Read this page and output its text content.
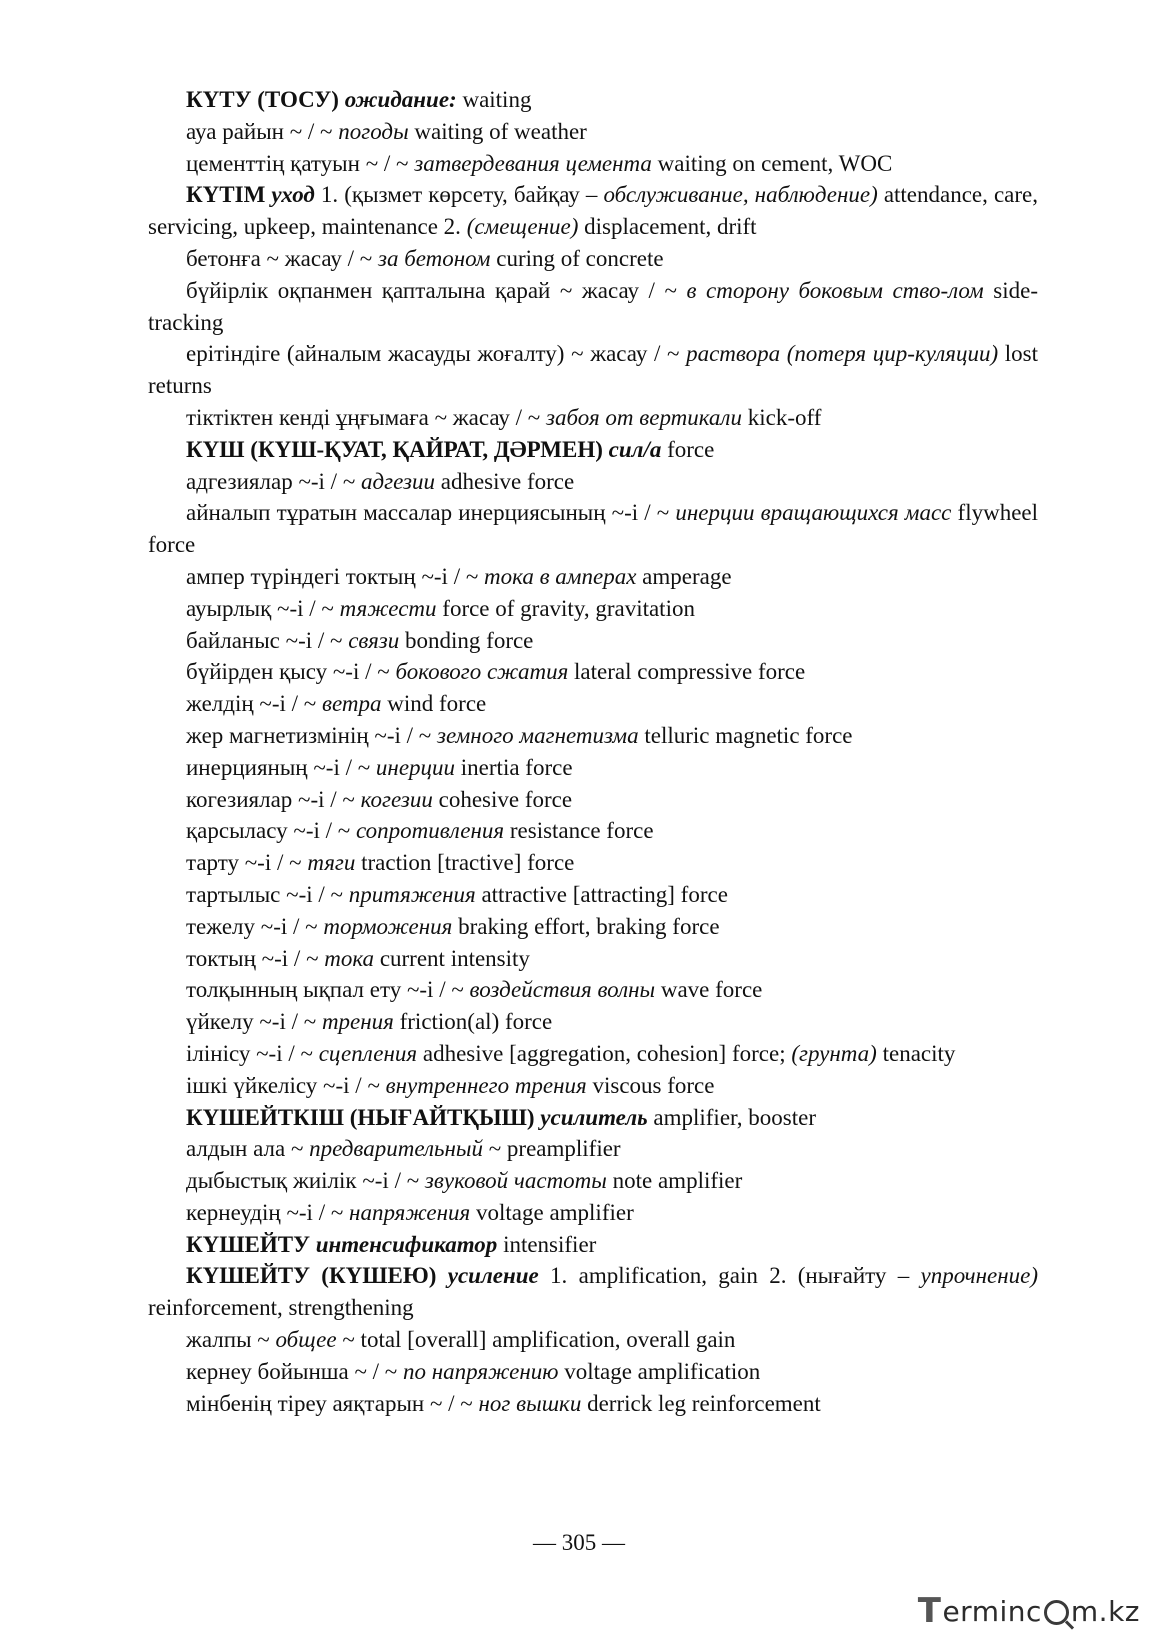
КҮТУ (ТОСУ) ожидание: waiting

ауа райын ~ / ~ погоды waiting of weather

цементтің қатуын ~ / ~ затвердевания цемента waiting on cement, WOC

КҮТІМ уход 1. (қызмет көрсету, байқау – обслуживание, наблюдение) attendance, care, servicing, upkeep, maintenance 2. (смещение) displacement, drift

бетонға ~ жасау / ~ за бетоном curing of concrete

бүйірлік оқпанмен қапталына қарай ~ жасау / ~ в сторону боковым ство-лом side-tracking

ерітіндіге (айналым жасауды жоғалту) ~ жасау / ~ раствора (потеря цир-куляции) lost returns

тіктіктен кенді ұңғымаға ~ жасау / ~ забоя от вертикали kick-off

КҮШ (КҮШ-ҚУАТ, ҚАЙРАТ, ДӘРМЕН) сил/а force

адгезиялар ~-і / ~ адгезии adhesive force

айналып тұратын массалар инерциясының ~-і / ~ инерции вращающихся масс flywheel force

ампер түріндегі токтың ~-і / ~ тока в амперах amperage

ауырлық ~-і / ~ тяжести force of gravity, gravitation

байланыс ~-і / ~ связи bonding force

бүйірден қысу ~-і / ~ бокового сжатия lateral compressive force

желдің ~-і / ~ ветра wind force

жер магнетизмінің ~-і / ~ земного магнетизма telluric magnetic force

инерцияның ~-і / ~ инерции inertia force

когезиялар ~-і / ~ когезии cohesive force

қарсыласу ~-і / ~ сопротивления resistance force

тарту ~-і / ~ тяги traction [tractive] force

тартылыс ~-і / ~ притяжения attractive [attracting] force

тежелу ~-і / ~ торможения braking effort, braking force

токтың ~-і / ~ тока current intensity

толқынның ықпал ету ~-і / ~ воздействия волны wave force

үйкелу ~-і / ~ трения friction(al) force

ілінісу ~-і / ~ сцепления adhesive [aggregation, cohesion] force; (грунта) tenacity

ішкі үйкелісу ~-і / ~ внутреннего трения viscous force

КҮШЕЙТКІШ (НЫҒАЙТҚЫШ) усилитель amplifier, booster

алдын ала ~ предварительный ~ preamplifier

дыбыстық жиілік ~-і / ~ звуковой частоты note amplifier

кернеудің ~-і / ~ напряжения voltage amplifier

КҮШЕЙТУ интенсификатор intensifier

КҮШЕЙТУ (КҮШЕЮ) усиление 1. amplification, gain 2. (нығайту – упрочнение) reinforcement, strengthening

жалпы ~ общее ~ total [overall] amplification, overall gain

кернеу бойынша ~ / ~ по напряжению voltage amplification

мінбенің тіреу аяқтарын ~ / ~ ног вышки derrick leg reinforcement

— 305 —
T erminc m.kz
